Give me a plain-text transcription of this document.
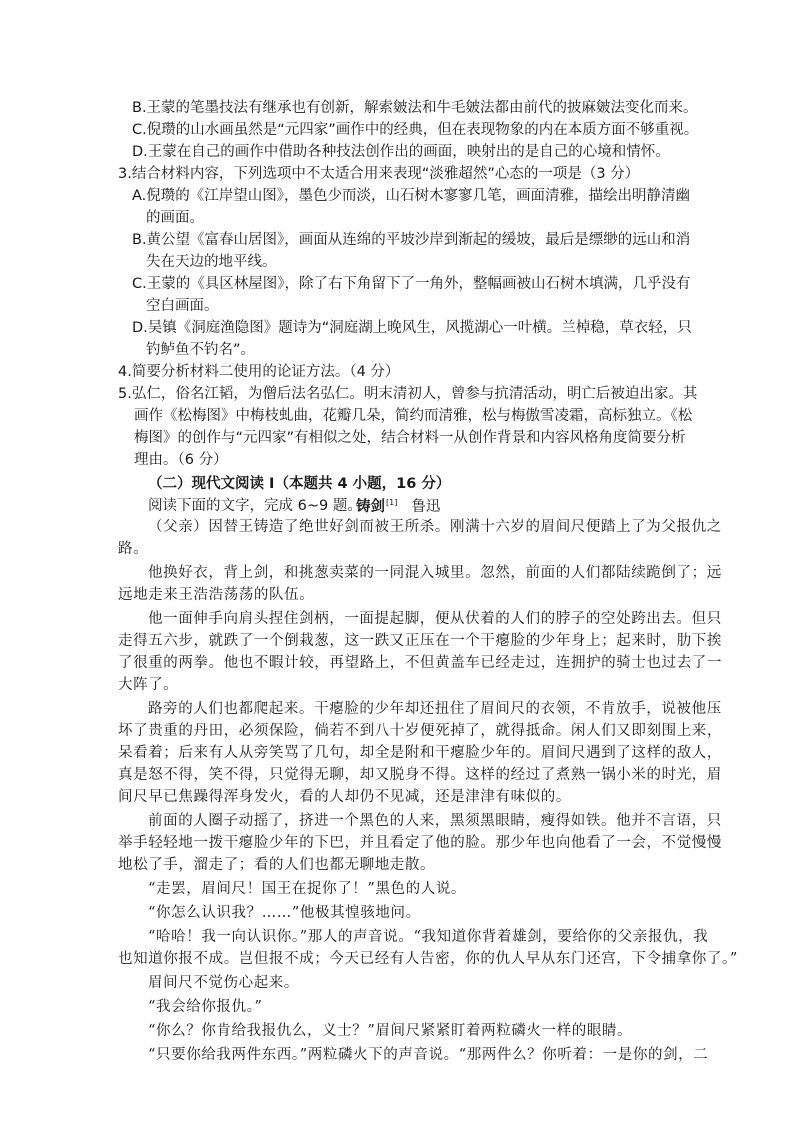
B.王蒙的笔墨技法有继承也有创新，解索皴法和牛毛皴法都由前代的披麻皴法变化而来。
C.倪瓒的山水画虽然是“元四家”画作中的经典，但在表现物象的内在本质方面不够重视。
D.王蒙在自己的画作中借助各种技法创作出的画面，映射出的是自己的心境和情怀。
3.结合材料内容，下列选项中不太适合用来表现“淡雅超然”心态的一项是（3 分）
A.倪瓒的《江岸望山图》，墨色少而淡，山石树木寥寥几笔，画面清雅，描绘出明静清幽
的画面。
B.黄公望《富春山居图》，画面从连绵的平坡沙岸到渐起的缓坡，最后是缥缈的远山和消
失在天边的地平线。
C.王蒙的《具区林屋图》，除了右下角留下了一角外，整幅画被山石树木填满，几乎没有
空白画面。
D.吴镇《洞庭渔隐图》题诗为“洞庭湖上晚风生，风揽湖心一叶横。兰棹稳，草衣轻，只
钓鲈鱼不钓名”。
4.简要分析材料二使用的论证方法。（4 分）
5.弘仁，俗名江韬，为僧后法名弘仁。明末清初人，曾参与抗清活动，明亡后被迫出家。其
画作《松梅图》中梅枝虬曲，花瓣几朵，简约而清雅，松与梅傲雪凌霜，高标独立。《松
梅图》的创作与“元四家”有相似之处，结合材料一从创作背景和内容风格角度简要分析
理由。（6 分）
（二）现代文阅读 I（本题共 4 小题，16 分）
阅读下面的文字，完成 6~9 题。
铸剑[1] 鲁迅
（父亲）因替王铸造了绝世好剑而被王所杀。刚满十六岁的眉间尺便踏上了为父报仇之
路。
他换好衣，背上剑，和挑葱卖菜的一同混入城里。忽然，前面的人们都陆续跪倒了；远
远地走来王浩浩荡荡的队伍。
他一面伸手向肩头捏住剑柄，一面提起脚，便从伏着的人们的脖子的空处跨出去。但只
走得五六步，就跌了一个倒栽葱，这一跌又正压在一个干瘪脸的少年身上；起来时，肋下挨
了很重的两拳。他也不暇计较，再望路上，不但黄盖车已经走过，连拥护的骑士也过去了一
大阵了。
路旁的人们也都爬起来。干瘪脸的少年却还扭住了眉间尺的衣领，不肯放手，说被他压
坏了贵重的丹田，必须保险，倘若不到八十岁便死掉了，就得抵命。闲人们又即刻围上来，
呆看着；后来有人从旁笑骂了几句，却全是附和干瘪脸少年的。眉间尺遇到了这样的敌人，
真是怒不得，笑不得，只觉得无聊，却又脱身不得。这样的经过了煮熟一锅小米的时光，眉
间尺早已焦躁得浑身发火，看的人却仍不见减，还是津津有味似的。
前面的人圈子动摇了，挤进一个黑色的人来，黑须黑眼睛，瘦得如铁。他并不言语，只
举手轻轻地一拨干瘪脸少年的下巴，并且看定了他的脸。那少年也向他看了一会，不觉慢慢
地松了手，溜走了；看的人们也都无聊地走散。
“走罢，眉间尺！国王在捉你了！”黑色的人说。
“你怎么认识我？……”他极其惶骇地问。
“哈哈！我一向认识你。”那人的声音说。“我知道你背着雄剑，要给你的父亲报仇，我
也知道你报不成。岂但报不成；今天已经有人告密，你的仇人早从东门还宫，下令捕拿你了。”
眉间尺不觉伤心起来。
“我会给你报仇。”
“你么？你肯给我报仇么，义士？”眉间尺紧紧盯着两粒磷火一样的眼睛。
“只要你给我两件东西。”两粒磷火下的声音说。“那两件么？你听着：一是你的剑，二
